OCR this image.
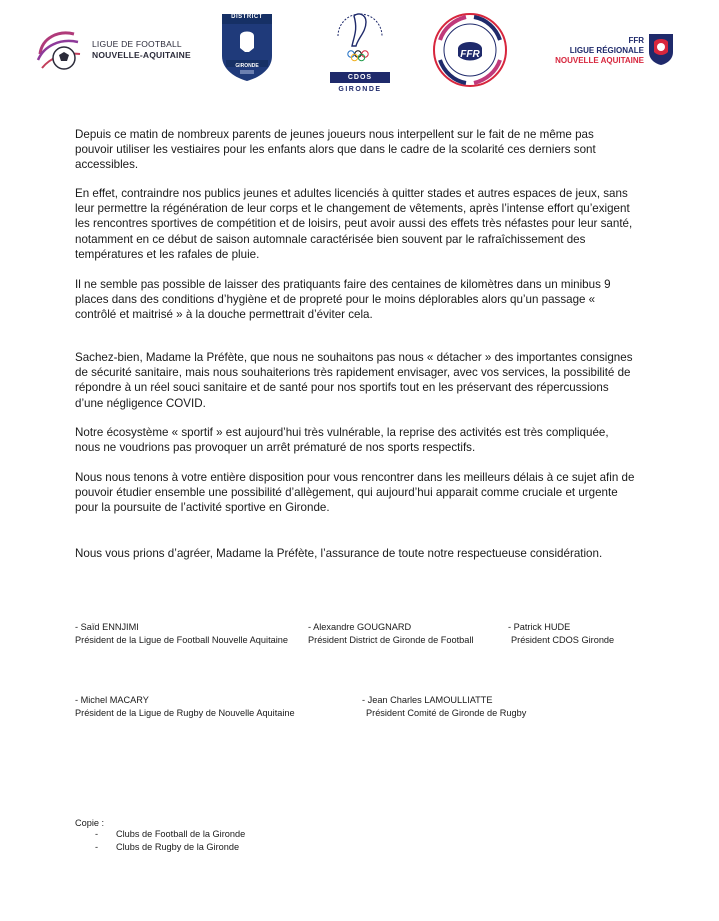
LIGUE DE FOOTBALL
NOUVELLE-AQUITAINE
DISTRICT
GIRONDE
CDOS
GIRONDE
FFR
FFR
LIGUE RÉGIONALE
NOUVELLE AQUITAINE

Depuis ce matin de nombreux parents de jeunes joueurs nous interpellent sur le fait de ne même pas pouvoir utiliser les vestiaires pour les enfants alors que dans le cadre de la scolarité ces derniers sont accessibles.

En effet, contraindre nos publics jeunes et adultes licenciés à quitter stades et autres espaces de jeux, sans leur permettre la régénération de leur corps et le changement de vêtements, après l’intense effort qu’exigent les rencontres sportives de compétition et de loisirs, peut avoir aussi des effets très néfastes pour leur santé, notamment en ce début de saison automnale caractérisée bien souvent par le rafraîchissement des températures et les rafales de pluie.

Il ne semble pas possible de laisser des pratiquants faire des centaines de kilomètres dans un minibus 9 places dans des conditions d’hygiène et de propreté pour le moins déplorables alors qu’un passage « contrôlé et maitrisé » à la douche permettrait d’éviter cela.

Sachez-bien, Madame la Préfète, que nous ne souhaitons pas nous « détacher » des importantes consignes de sécurité sanitaire, mais nous souhaiterions très rapidement envisager, avec vos services, la possibilité de répondre à un réel souci sanitaire et de santé pour nos sportifs tout en les préservant des répercussions d’une négligence COVID.

Notre écosystème « sportif » est aujourd’hui très vulnérable, la reprise des activités est très compliquée, nous ne voudrions pas provoquer un arrêt prématuré de nos sports respectifs.

Nous nous tenons à votre entière disposition pour vous rencontrer dans les meilleurs délais à ce sujet afin de pouvoir étudier ensemble une possibilité d’allègement, qui aujourd’hui apparait comme cruciale et urgente pour la poursuite de l’activité sportive en Gironde.

Nous vous prions d’agréer, Madame la Préfète, l’assurance de toute notre respectueuse considération.

- Saïd ENNJIMI
Président de la Ligue de Football Nouvelle Aquitaine
- Alexandre GOUGNARD
Président District de Gironde de Football
- Patrick HUDE
Président CDOS Gironde
- Michel MACARY
Président de la Ligue de Rugby de Nouvelle Aquitaine
- Jean Charles LAMOULLIATTE
Président Comité de Gironde de Rugby
Copie :
- Clubs de Football de la Gironde
- Clubs de Rugby de la Gironde
